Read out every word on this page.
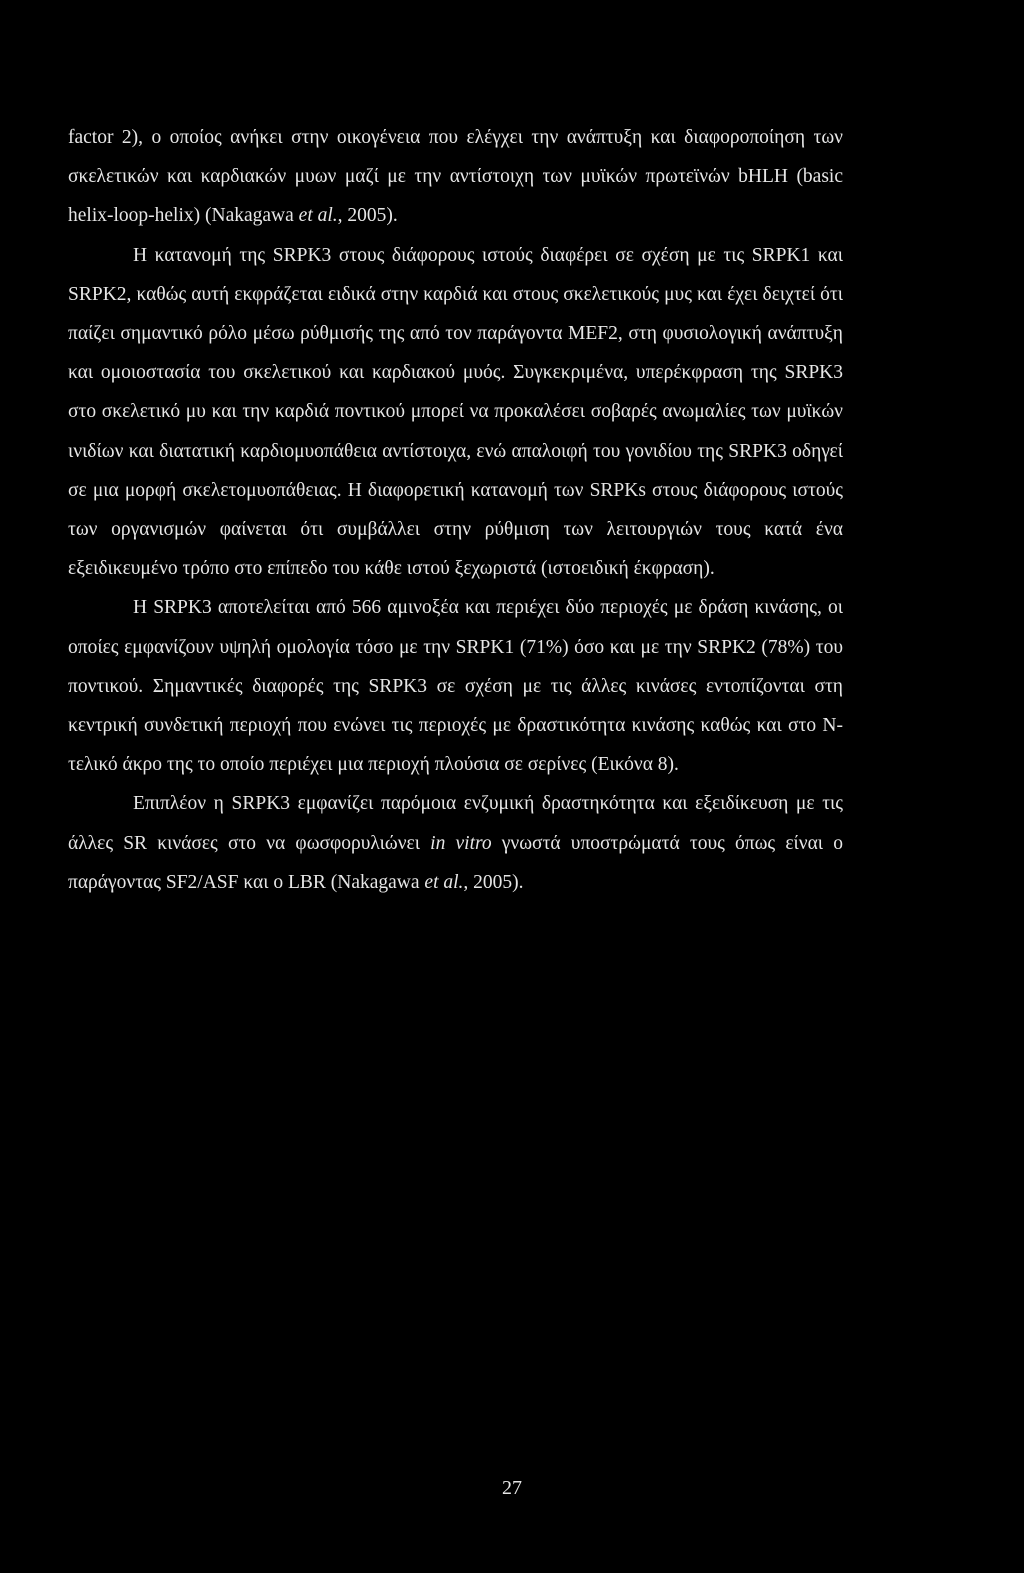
factor 2), ο οποίος ανήκει στην οικογένεια που ελέγχει την ανάπτυξη και διαφοροποίηση των σκελετικών και καρδιακών μυων μαζί με την αντίστοιχη των μυϊκών πρωτεϊνών bHLH (basic helix-loop-helix) (Nakagawa et al., 2005).

Η κατανομή της SRPK3 στους διάφορους ιστούς διαφέρει σε σχέση με τις SRPK1 και SRPK2, καθώς αυτή εκφράζεται ειδικά στην καρδιά και στους σκελετικούς μυς και έχει δειχτεί ότι παίζει σημαντικό ρόλο μέσω ρύθμισής της από τον παράγοντα MEF2, στη φυσιολογική ανάπτυξη και ομοιοστασία του σκελετικού και καρδιακού μυός. Συγκεκριμένα, υπερέκφραση της SRPK3 στο σκελετικό μυ και την καρδιά ποντικού μπορεί να προκαλέσει σοβαρές ανωμαλίες των μυϊκών ινιδίων και διατατική καρδιομυοπάθεια αντίστοιχα, ενώ απαλοιφή του γονιδίου της SRPK3 οδηγεί σε μια μορφή σκελετομυοπάθειας. Η διαφορετική κατανομή των SRPKs στους διάφορους ιστούς των οργανισμών φαίνεται ότι συμβάλλει στην ρύθμιση των λειτουργιών τους κατά ένα εξειδικευμένο τρόπο στο επίπεδο του κάθε ιστού ξεχωριστά (ιστοειδική έκφραση).

Η SRPK3 αποτελείται από 566 αμινοξέα και περιέχει δύο περιοχές με δράση κινάσης, οι οποίες εμφανίζουν υψηλή ομολογία τόσο με την SRPK1 (71%) όσο και με την SRPK2 (78%) του ποντικού. Σημαντικές διαφορές της SRPK3 σε σχέση με τις άλλες κινάσες εντοπίζονται στη κεντρική συνδετική περιοχή που ενώνει τις περιοχές με δραστικότητα κινάσης καθώς και στο N-τελικό άκρο της το οποίο περιέχει μια περιοχή πλούσια σε σερίνες (Εικόνα 8).

Επιπλέον η SRPK3 εμφανίζει παρόμοια ενζυμική δραστηκότητα και εξειδίκευση με τις άλλες SR κινάσες στο να φωσφορυλιώνει in vitro γνωστά υποστρώματά τους όπως είναι ο παράγοντας SF2/ASF και ο LBR (Nakagawa et al., 2005).

27
